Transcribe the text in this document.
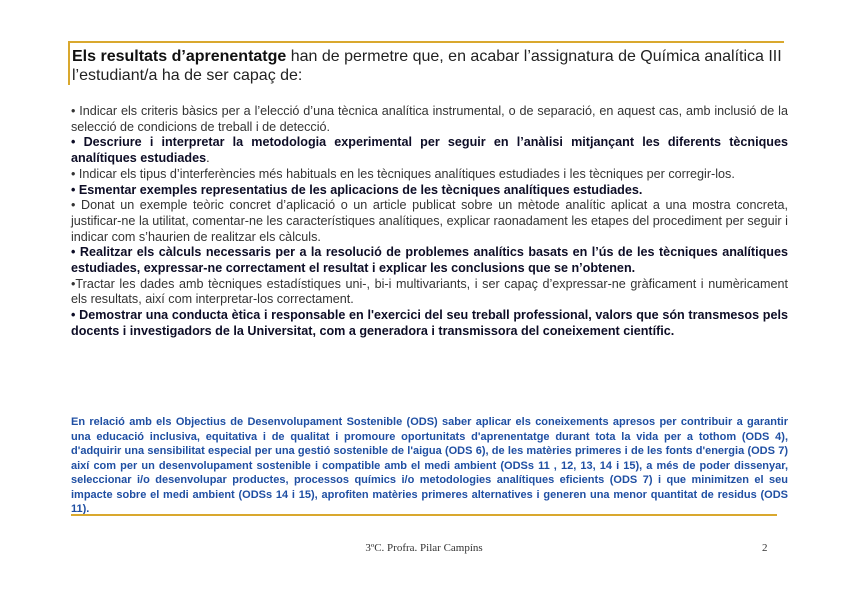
Els resultats d’aprenentatge han de permetre que, en acabar l’assignatura de Química analítica III l’estudiant/a ha de ser capaç de:

• Indicar els criteris bàsics per a l’elecció d’una tècnica analítica instrumental, o de separació, en aquest cas, amb inclusió de la selecció de condicions de treball i de detecció.

• Descriure i interpretar la metodologia experimental per seguir en l’anàlisi mitjançant les diferents tècniques analítiques estudiades.

• Indicar els tipus d’interferències més habituals en les tècniques analítiques estudiades i les tècniques per corregir-los.

• Esmentar exemples representatius de les aplicacions de les tècniques analítiques estudiades.

• Donat un exemple teòric concret d’aplicació o un article publicat sobre un mètode analític aplicat a una mostra concreta, justificar-ne la utilitat, comentar-ne les característiques analítiques, explicar raonadament les etapes del procediment per seguir i indicar com s’haurien de realitzar els càlculs.

• Realitzar els càlculs necessaris per a la resolució de problemes analítics basats en l’ús de les tècniques analítiques estudiades, expressar-ne correctament el resultat i explicar les conclusions que se n’obtenen.

•Tractar les dades amb tècniques estadístiques uni-, bi-i multivariants, i ser capaç d’expressar-ne gràficament i numèricament els resultats, així com interpretar-los correctament.

• Demostrar una conducta ètica i responsable en l'exercici del seu treball professional, valors que són transmesos pels docents i investigadors de la Universitat, com a generadora i transmissora del coneixement científic.

En relació amb els Objectius de Desenvolupament Sostenible (ODS) saber aplicar els coneixements apresos per contribuir a garantir una educació inclusiva, equitativa i de qualitat i promoure oportunitats d'aprenentatge durant tota la vida per a tothom (ODS 4), d'adquirir una sensibilitat especial per una gestió sostenible de l'aigua (ODS 6), de les matèries primeres i de les fonts d'energia (ODS 7) així com per un desenvolupament sostenible i compatible amb el medi ambient (ODSs 11 , 12, 13, 14 i 15), a més de poder dissenyar, seleccionar i/o desenvolupar productes, processos químics i/o metodologies analítiques eficients (ODS 7) i que minimitzen el seu impacte sobre el medi ambient (ODSs 14 i 15), aprofiten matèries primeres alternatives i generen una menor quantitat de residus (ODS 11).

3ºC. Profra. Pilar Campíns	2
